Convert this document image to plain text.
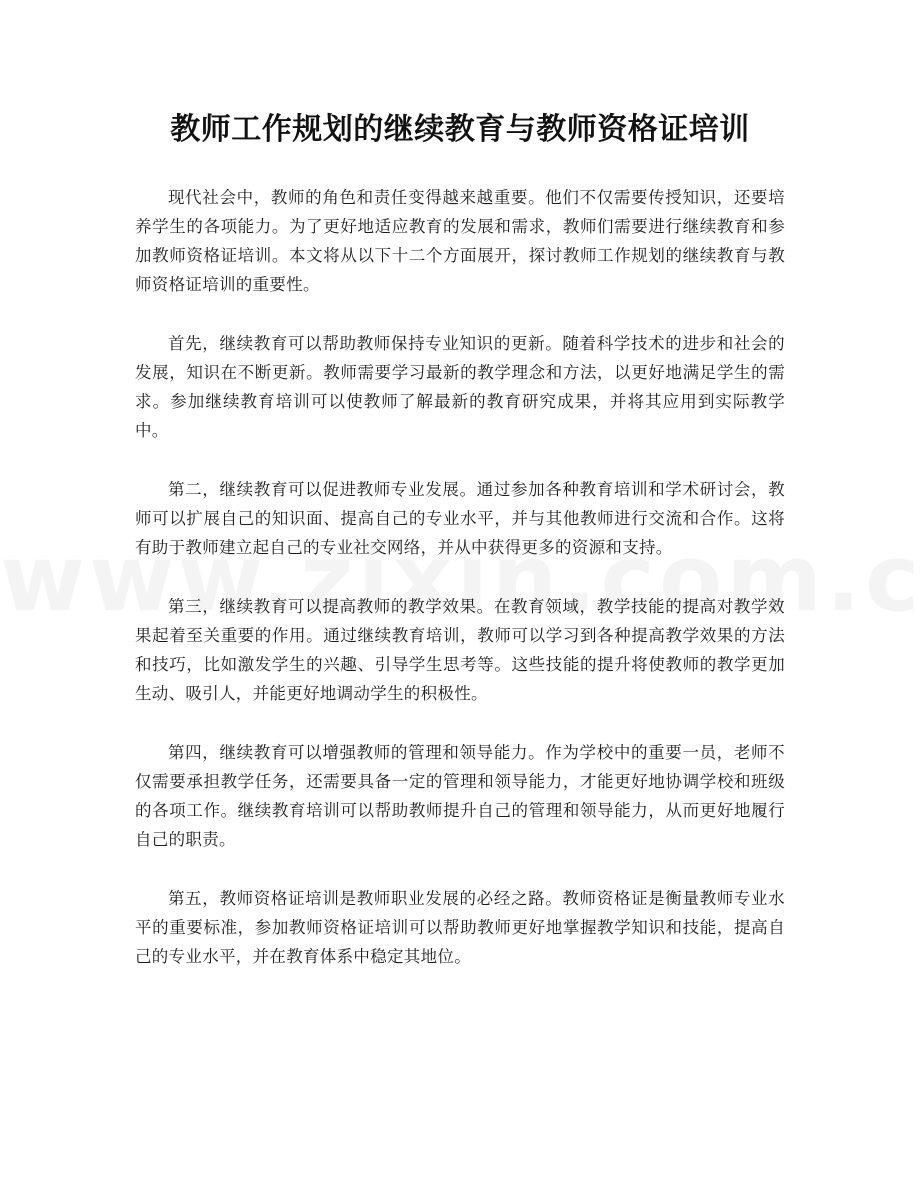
教师工作规划的继续教育与教师资格证培训

现代社会中，教师的角色和责任变得越来越重要。他们不仅需要传授知识，还要培养学生的各项能力。为了更好地适应教育的发展和需求，教师们需要进行继续教育和参加教师资格证培训。本文将从以下十二个方面展开，探讨教师工作规划的继续教育与教师资格证培训的重要性。

首先，继续教育可以帮助教师保持专业知识的更新。随着科学技术的进步和社会的发展，知识在不断更新。教师需要学习最新的教学理念和方法，以更好地满足学生的需求。参加继续教育培训可以使教师了解最新的教育研究成果，并将其应用到实际教学中。

第二，继续教育可以促进教师专业发展。通过参加各种教育培训和学术研讨会，教师可以扩展自己的知识面、提高自己的专业水平，并与其他教师进行交流和合作。这将有助于教师建立起自己的专业社交网络，并从中获得更多的资源和支持。

第三，继续教育可以提高教师的教学效果。在教育领域，教学技能的提高对教学效果起着至关重要的作用。通过继续教育培训，教师可以学习到各种提高教学效果的方法和技巧，比如激发学生的兴趣、引导学生思考等。这些技能的提升将使教师的教学更加生动、吸引人，并能更好地调动学生的积极性。

第四，继续教育可以增强教师的管理和领导能力。作为学校中的重要一员，老师不仅需要承担教学任务，还需要具备一定的管理和领导能力，才能更好地协调学校和班级的各项工作。继续教育培训可以帮助教师提升自己的管理和领导能力，从而更好地履行自己的职责。

第五，教师资格证培训是教师职业发展的必经之路。教师资格证是衡量教师专业水平的重要标准，参加教师资格证培训可以帮助教师更好地掌握教学知识和技能，提高自己的专业水平，并在教育体系中稳定其地位。
